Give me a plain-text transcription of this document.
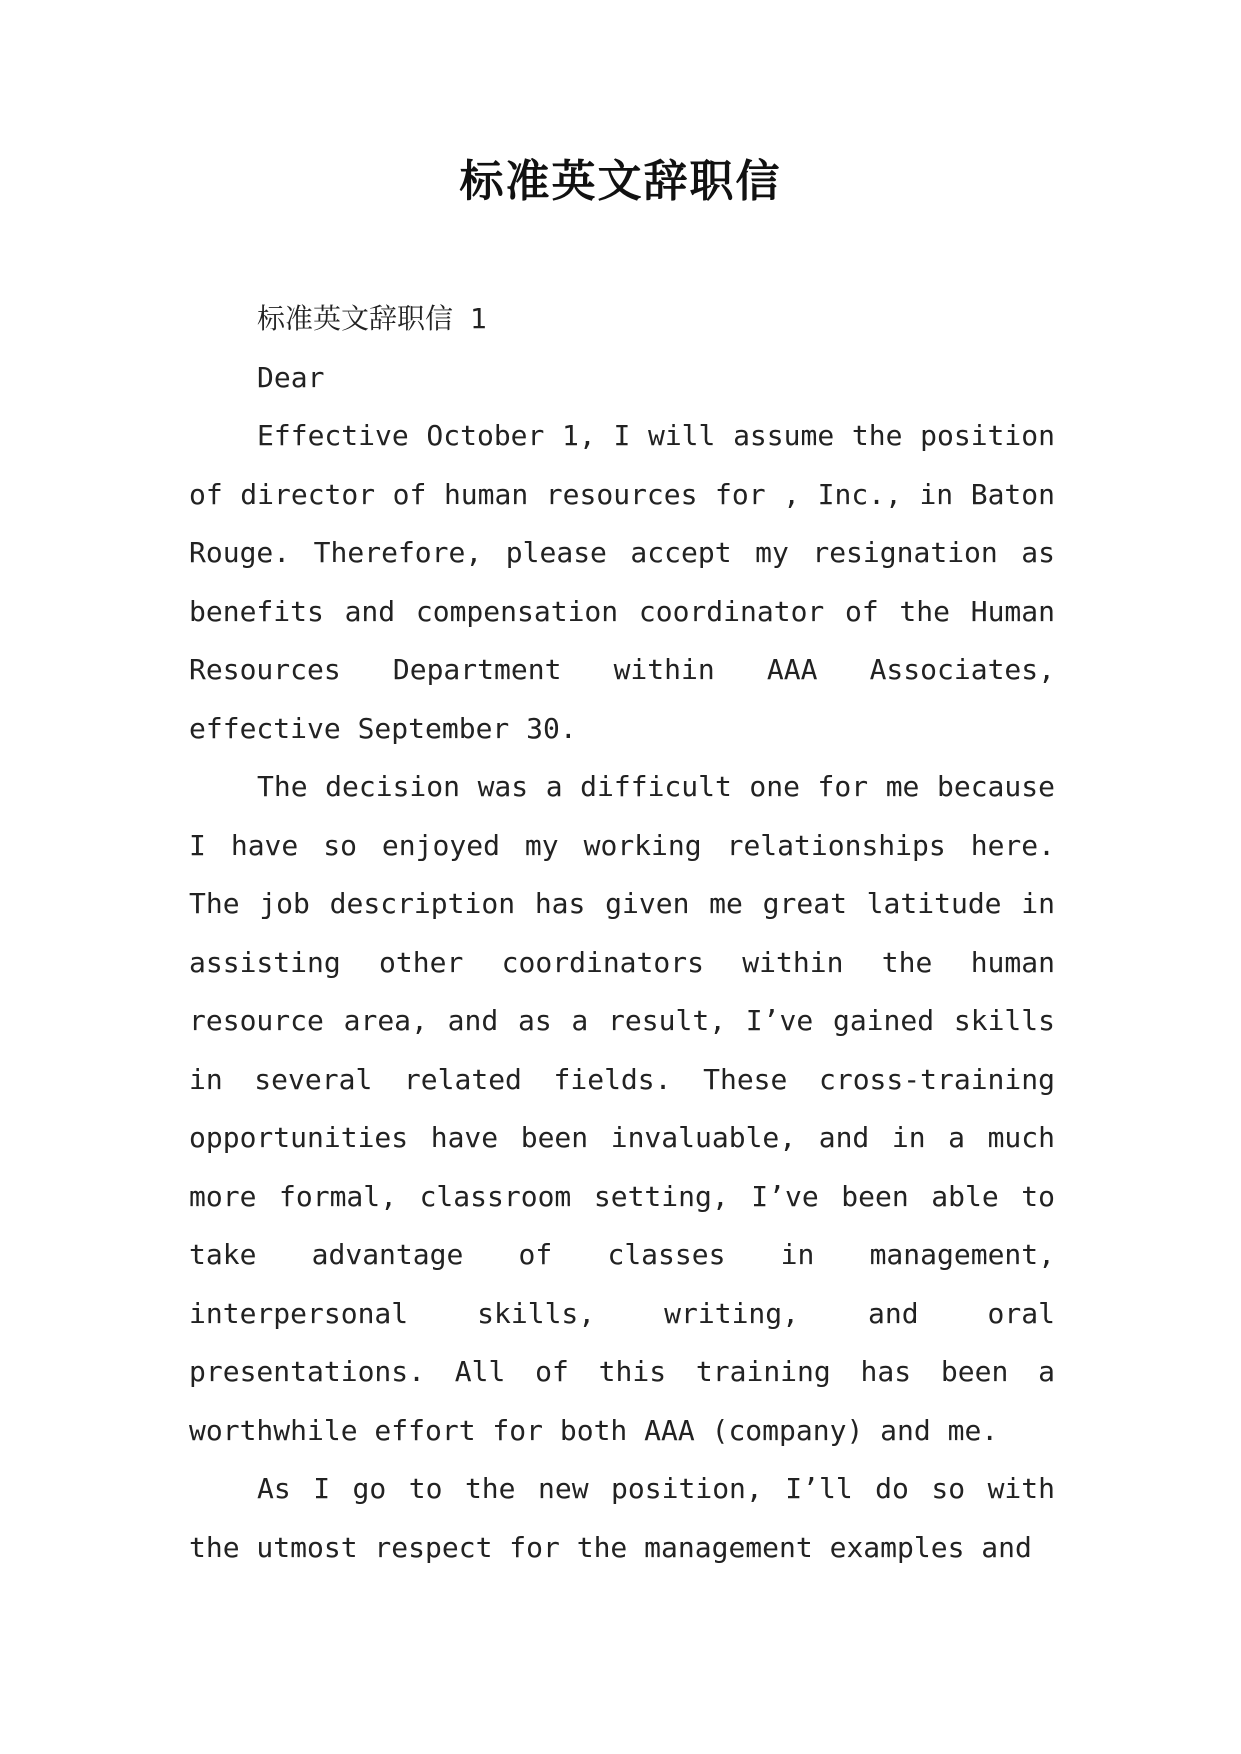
标准英文辞职信

标准英文辞职信 1

Dear

Effective October 1, I will assume the position of director of human resources for , Inc., in Baton Rouge. Therefore, please accept my resignation as benefits and compensation coordinator of the Human Resources Department within AAA Associates, effective September 30.

The decision was a difficult one for me because I have so enjoyed my working relationships here. The job description has given me great latitude in assisting other coordinators within the human resource area, and as a result, I’ve gained skills in several related fields. These cross-training opportunities have been invaluable, and in a much more formal, classroom setting, I’ve been able to take advantage of classes in management, interpersonal skills, writing, and oral presentations. All of this training has been a worthwhile effort for both AAA (company) and me.

As I go to the new position, I’ll do so with the utmost respect for the management examples and
